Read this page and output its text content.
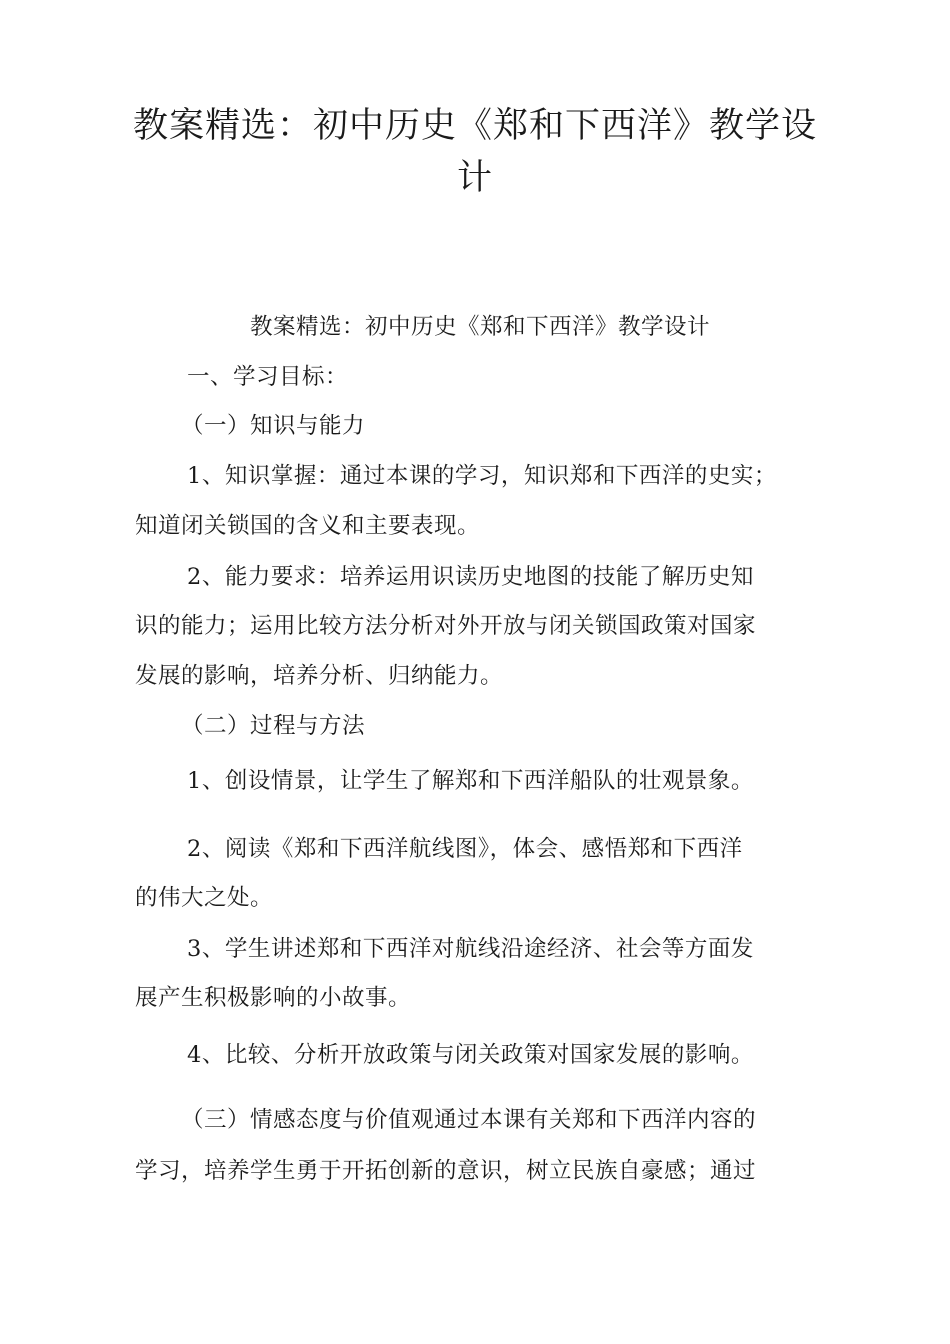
教案精选：初中历史《郑和下西洋》教学设
计
教案精选：初中历史《郑和下西洋》教学设计
一、学习目标：
（一）知识与能力
1、知识掌握：通过本课的学习，知识郑和下西洋的史实；
知道闭关锁国的含义和主要表现。
2、能力要求：培养运用识读历史地图的技能了解历史知
识的能力；运用比较方法分析对外开放与闭关锁国政策对国家
发展的影响，培养分析、归纳能力。
（二）过程与方法
1、创设情景，让学生了解郑和下西洋船队的壮观景象。
2、阅读《郑和下西洋航线图》，体会、感悟郑和下西洋
的伟大之处。
3、学生讲述郑和下西洋对航线沿途经济、社会等方面发
展产生积极影响的小故事。
4、比较、分析开放政策与闭关政策对国家发展的影响。
（三）情感态度与价值观通过本课有关郑和下西洋内容的
学习，培养学生勇于开拓创新的意识，树立民族自豪感；通过
